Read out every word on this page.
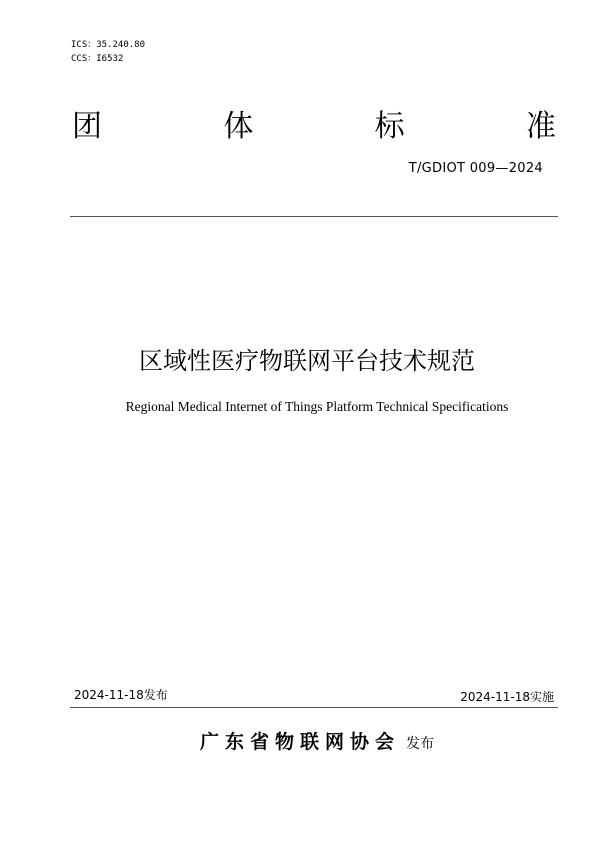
ICS：35.240.80
CCS：I6532
团	体	标	准
T/GDIOT 009—2024
区域性医疗物联网平台技术规范
Regional Medical Internet of Things Platform Technical Specifications
2024-11-18发布	2024-11-18实施
广东省物联网协会 发布
